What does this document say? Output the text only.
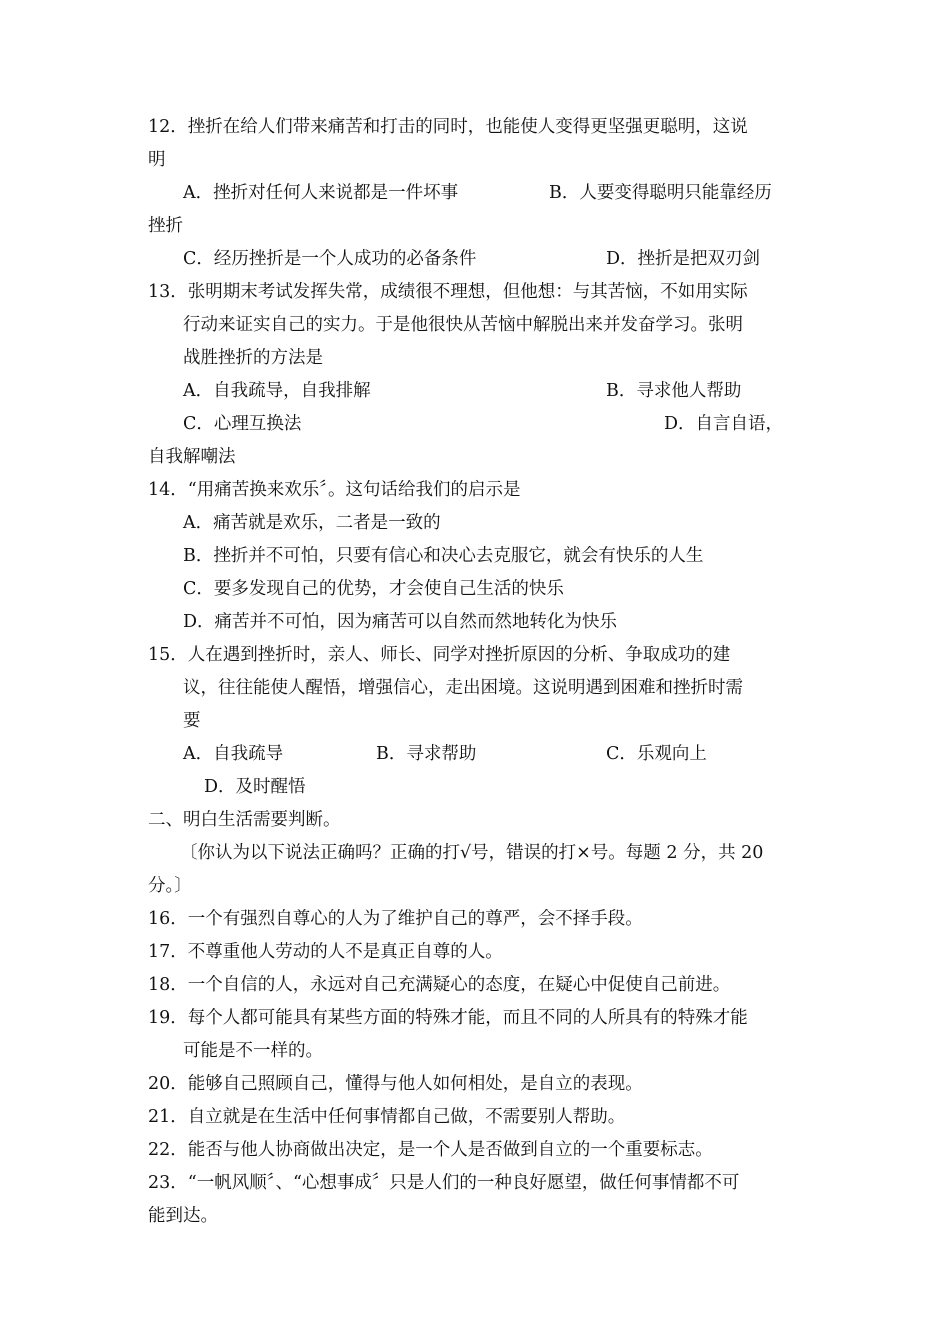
12．挫折在给人们带来痛苦和打击的同时，也能使人变得更坚强更聪明，这说
明
A．挫折对任何人来说都是一件坏事	B．人要变得聪明只能靠经历
挫折
C．经历挫折是一个人成功的必备条件	D．挫折是把双刃剑
13．张明期末考试发挥失常，成绩很不理想，但他想：与其苦恼，不如用实际
行动来证实自己的实力。于是他很快从苦恼中解脱出来并发奋学习。张明
战胜挫折的方法是
A．自我疏导，自我排解	B．寻求他人帮助
C．心理互换法	D．自言自语，
自我解嘲法
14．“用痛苦换来欢乐〞。这句话给我们的启示是
A．痛苦就是欢乐，二者是一致的
B．挫折并不可怕，只要有信心和决心去克服它，就会有快乐的人生
C．要多发现自己的优势，才会使自己生活的快乐
D．痛苦并不可怕，因为痛苦可以自然而然地转化为快乐
15．人在遇到挫折时，亲人、师长、同学对挫折原因的分析、争取成功的建
议，往往能使人醒悟，增强信心，走出困境。这说明遇到困难和挫折时需
要
A．自我疏导	B．寻求帮助	C．乐观向上
D．及时醒悟
二、明白生活需要判断。
〔你认为以下说法正确吗？正确的打√号，错误的打×号。每题 2 分，共 20
分。〕
16．一个有强烈自尊心的人为了维护自己的尊严，会不择手段。
17．不尊重他人劳动的人不是真正自尊的人。
18．一个自信的人，永远对自己充满疑心的态度，在疑心中促使自己前进。
19．每个人都可能具有某些方面的特殊才能，而且不同的人所具有的特殊才能
可能是不一样的。
20．能够自己照顾自己，懂得与他人如何相处，是自立的表现。
21．自立就是在生活中任何事情都自己做，不需要别人帮助。
22．能否与他人协商做出决定，是一个人是否做到自立的一个重要标志。
23．“一帆风顺〞、“心想事成〞只是人们的一种良好愿望，做任何事情都不可
能到达。
